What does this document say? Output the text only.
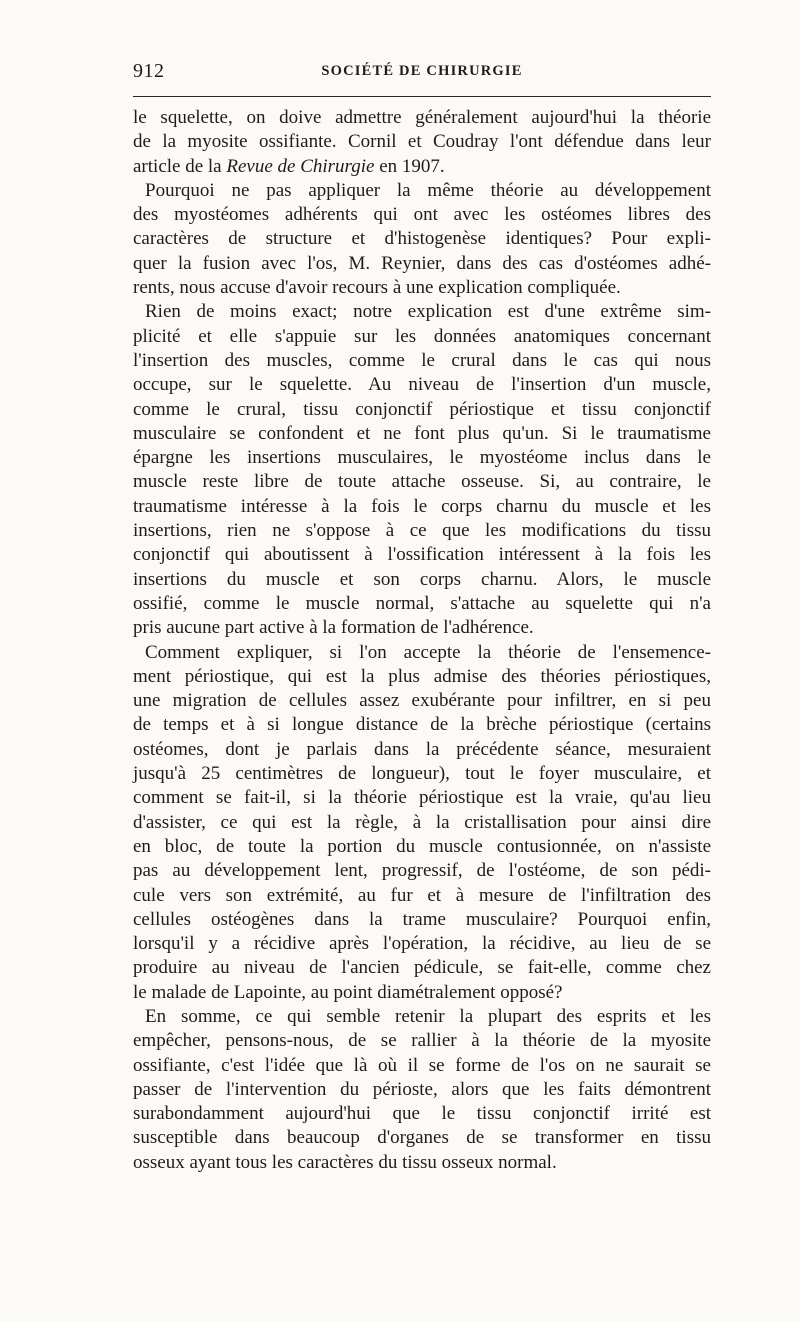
912	SOCIÉTÉ DE CHIRURGIE
le squelette, on doive admettre généralement aujourd'hui la théorie
de la myosite ossifiante. Cornil et Coudray l'ont défendue dans leur
article de la Revue de Chirurgie en 1907.
Pourquoi ne pas appliquer la même théorie au développement
des myostéomes adhérents qui ont avec les ostéomes libres des
caractères de structure et d'histogenèse identiques? Pour expli-
quer la fusion avec l'os, M. Reynier, dans des cas d'ostéomes adhé-
rents, nous accuse d'avoir recours à une explication compliquée.
Rien de moins exact; notre explication est d'une extrême sim-
plicité et elle s'appuie sur les données anatomiques concernant
l'insertion des muscles, comme le crural dans le cas qui nous
occupe, sur le squelette. Au niveau de l'insertion d'un muscle,
comme le crural, tissu conjonctif périostique et tissu conjonctif
musculaire se confondent et ne font plus qu'un. Si le traumatisme
épargne les insertions musculaires, le myostéome inclus dans le
muscle reste libre de toute attache osseuse. Si, au contraire, le
traumatisme intéresse à la fois le corps charnu du muscle et les
insertions, rien ne s'oppose à ce que les modifications du tissu
conjonctif qui aboutissent à l'ossification intéressent à la fois les
insertions du muscle et son corps charnu. Alors, le muscle
ossifié, comme le muscle normal, s'attache au squelette qui n'a
pris aucune part active à la formation de l'adhérence.
Comment expliquer, si l'on accepte la théorie de l'ensemence-
ment périostique, qui est la plus admise des théories périostiques,
une migration de cellules assez exubérante pour infiltrer, en si peu
de temps et à si longue distance de la brèche périostique (certains
ostéomes, dont je parlais dans la précédente séance, mesuraient
jusqu'à 25 centimètres de longueur), tout le foyer musculaire, et
comment se fait-il, si la théorie périostique est la vraie, qu'au lieu
d'assister, ce qui est la règle, à la cristallisation pour ainsi dire
en bloc, de toute la portion du muscle contusionnée, on n'assiste
pas au développement lent, progressif, de l'ostéome, de son pédi-
cule vers son extrémité, au fur et à mesure de l'infiltration des
cellules ostéogènes dans la trame musculaire? Pourquoi enfin,
lorsqu'il y a récidive après l'opération, la récidive, au lieu de se
produire au niveau de l'ancien pédicule, se fait-elle, comme chez
le malade de Lapointe, au point diamétralement opposé?
En somme, ce qui semble retenir la plupart des esprits et les
empêcher, pensons-nous, de se rallier à la théorie de la myosite
ossifiante, c'est l'idée que là où il se forme de l'os on ne saurait se
passer de l'intervention du périoste, alors que les faits démontrent
surabondamment aujourd'hui que le tissu conjonctif irrité est
susceptible dans beaucoup d'organes de se transformer en tissu
osseux ayant tous les caractères du tissu osseux normal.
